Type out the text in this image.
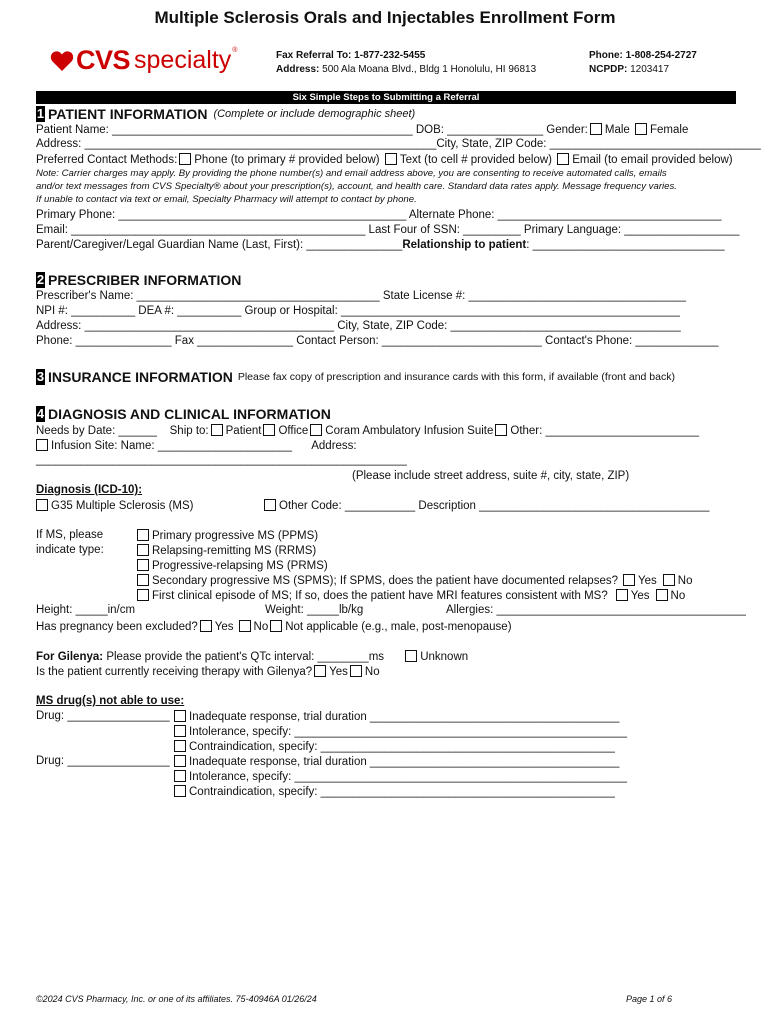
Multiple Sclerosis Orals and Injectables Enrollment Form
CVS specialty ®	Fax Referral To: 1-877-232-5455
Address: 500 Ala Moana Blvd., Bldg 1 Honolulu, HI 96813
Phone: 1-808-254-2727
NCPDP: 1203417
Six Simple Steps to Submitting a Referral
1 PATIENT INFORMATION (Complete or include demographic sheet)
Patient Name: _______________________________________________ DOB: _______________ Gender: Male Female
Address: _______________________________________________________City, State, ZIP Code: _________________________________
Preferred Contact Methods: Phone (to primary # provided below) Text (to cell # provided below) Email (to email provided below)
Note: Carrier charges may apply. By providing the phone number(s) and email address above, you are consenting to receive automated calls, emails
and/or text messages from CVS Specialty® about your prescription(s), account, and health care. Standard data rates apply. Message frequency varies.
If unable to contact via text or email, Specialty Pharmacy will attempt to contact by phone.
Primary Phone: _____________________________________________ Alternate Phone: ___________________________________
Email: ______________________________________________ Last Four of SSN: _________ Primary Language: __________________
Parent/Caregiver/Legal Guardian Name (Last, First): _______________Relationship to patient: ______________________________
2 PRESCRIBER INFORMATION
Prescriber's Name: ______________________________________ State License #: __________________________________
NPI #: __________ DEA #: __________ Group or Hospital: _____________________________________________________
Address: _______________________________________ City, State, ZIP Code: ____________________________________
Phone: _______________ Fax _______________ Contact Person: _________________________ Contact's Phone: _____________
3 INSURANCE INFORMATION Please fax copy of prescription and insurance cards with this form, if available (front and back)
4 DIAGNOSIS AND CLINICAL INFORMATION
Needs by Date: ______ Ship to: Patient Office Coram Ambulatory Infusion Suite Other: ________________________
Infusion Site: Name: _____________________ Address:
__________________________________________________________
(Please include street address, suite #, city, state, ZIP)
Diagnosis (ICD-10):
G35 Multiple Sclerosis (MS)	Other Code: ___________ Description ____________________________________
If MS, please
indicate type:
Primary progressive MS (PPMS)
Relapsing-remitting MS (RRMS)
Progressive-relapsing MS (PRMS)
Secondary progressive MS (SPMS); If SPMS, does the patient have documented relapses? Yes No
First clinical episode of MS; If so, does the patient have MRI features consistent with MS? Yes No
Height: _____in/cm	Weight: _____lb/kg	Allergies: _______________________________________
Has pregnancy been excluded? Yes No Not applicable (e.g., male, post-menopause)
For Gilenya: Please provide the patient's QTc interval: ________ms	Unknown
Is the patient currently receiving therapy with Gilenya? Yes No
MS drug(s) not able to use:
Drug: ________________	Inadequate response, trial duration _______________________________________
Intolerance, specify: ____________________________________________________
Contraindication, specify: ______________________________________________
Drug: ________________	Inadequate response, trial duration _______________________________________
Intolerance, specify: ____________________________________________________
Contraindication, specify: ______________________________________________
©2024 CVS Pharmacy, Inc. or one of its affiliates. 75-40946A 01/26/24	Page 1 of 6
